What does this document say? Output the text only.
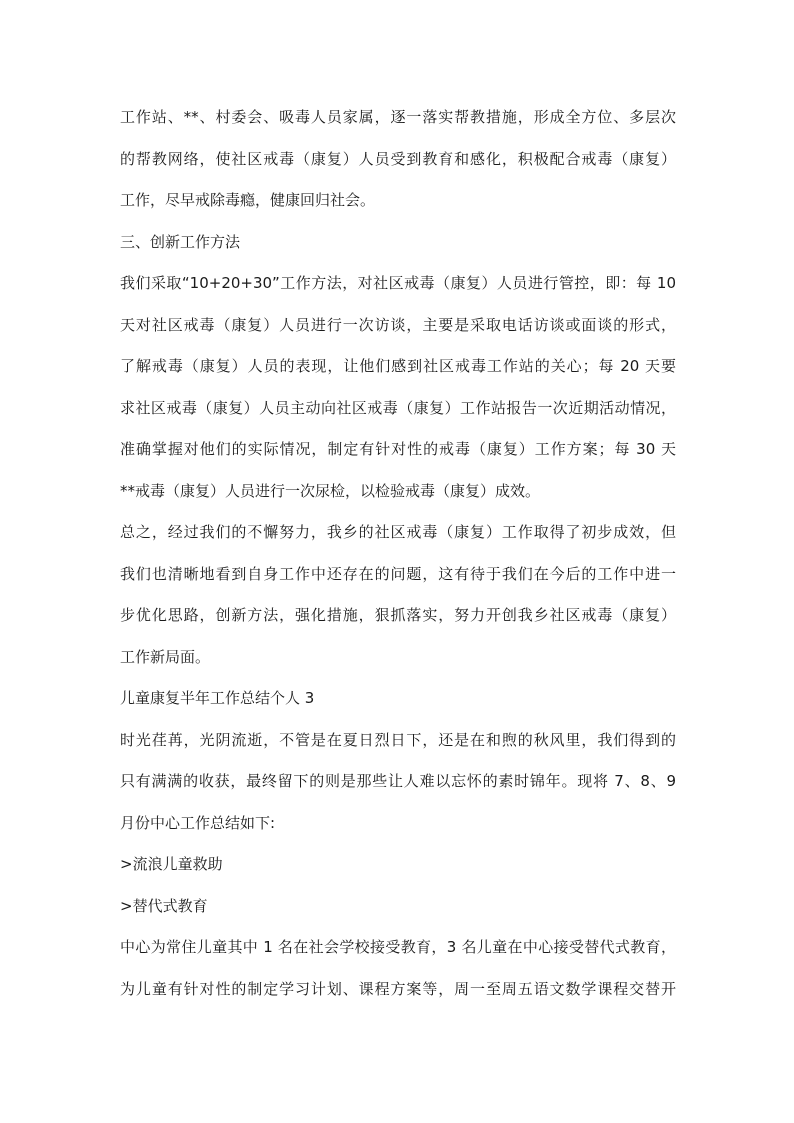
工作站、**、村委会、吸毒人员家属，逐一落实帮教措施，形成全方位、多层次
的帮教网络，使社区戒毒（康复）人员受到教育和感化，积极配合戒毒（康复）
工作，尽早戒除毒瘾，健康回归社会。
三、创新工作方法
我们采取“10+20+30”工作方法，对社区戒毒（康复）人员进行管控，即：每 10
天对社区戒毒（康复）人员进行一次访谈，主要是采取电话访谈或面谈的形式，
了解戒毒（康复）人员的表现，让他们感到社区戒毒工作站的关心；每 20 天要
求社区戒毒（康复）人员主动向社区戒毒（康复）工作站报告一次近期活动情况，
准确掌握对他们的实际情况，制定有针对性的戒毒（康复）工作方案；每 30 天
**戒毒（康复）人员进行一次尿检，以检验戒毒（康复）成效。
总之，经过我们的不懈努力，我乡的社区戒毒（康复）工作取得了初步成效，但
我们也清晰地看到自身工作中还存在的问题，这有待于我们在今后的工作中进一
步优化思路，创新方法，强化措施，狠抓落实，努力开创我乡社区戒毒（康复）
工作新局面。
儿童康复半年工作总结个人 3
时光荏苒，光阴流逝，不管是在夏日烈日下，还是在和煦的秋风里，我们得到的
只有满满的收获，最终留下的则是那些让人难以忘怀的素时锦年。现将 7、8、9
月份中心工作总结如下:
>流浪儿童救助
>替代式教育
中心为常住儿童其中 1 名在社会学校接受教育，3 名儿童在中心接受替代式教育，
为儿童有针对性的制定学习计划、课程方案等，周一至周五语文数学课程交替开
